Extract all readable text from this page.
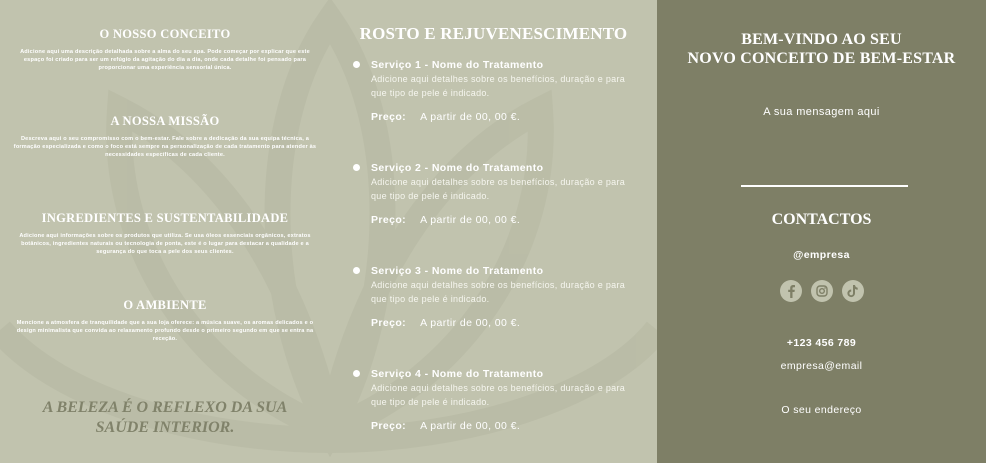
O NOSSO CONCEITO

Adicione aqui uma descrição detalhada sobre a alma do seu spa. Pode começar por explicar que este espaço foi criado para ser um refúgio da agitação do dia a dia, onde cada detalhe foi pensado para proporcionar uma experiência sensorial única.

A NOSSA MISSÃO

Descreva aqui o seu compromisso com o bem-estar. Fale sobre a dedicação da sua equipa técnica, a formação especializada e como o foco está sempre na personalização de cada tratamento para atender às necessidades específicas de cada cliente.

INGREDIENTES E SUSTENTABILIDADE

Adicione aqui informações sobre os produtos que utiliza. Se usa óleos essenciais orgânicos, extratos botânicos, ingredientes naturais ou tecnologia de ponta, este é o lugar para destacar a qualidade e a segurança do que toca a pele dos seus clientes.

O AMBIENTE

Mencione a atmosfera de tranquilidade que a sua loja oferece: a música suave, os aromas delicados e o design minimalista que convida ao relaxamento profundo desde o primeiro segundo em que se entra na receção.

A BELEZA É O REFLEXO DA SUA SAÚDE INTERIOR.
ROSTO E REJUVENESCIMENTO
Serviço 1 - Nome do Tratamento
Adicione aqui detalhes sobre os benefícios, duração e para que tipo de pele é indicado.
Preço: A partir de 00, 00 €.
Serviço 2 - Nome do Tratamento
Adicione aqui detalhes sobre os benefícios, duração e para que tipo de pele é indicado.
Preço: A partir de 00, 00 €.
Serviço 3 - Nome do Tratamento
Adicione aqui detalhes sobre os benefícios, duração e para que tipo de pele é indicado.
Preço: A partir de 00, 00 €.
Serviço 4 - Nome do Tratamento
Adicione aqui detalhes sobre os benefícios, duração e para que tipo de pele é indicado.
Preço: A partir de 00, 00 €.
BEM-VINDO AO SEU
NOVO CONCEITO DE BEM-ESTAR
A sua mensagem aqui
CONTACTOS
@empresa
+123 456 789
empresa@email
O seu endereço
